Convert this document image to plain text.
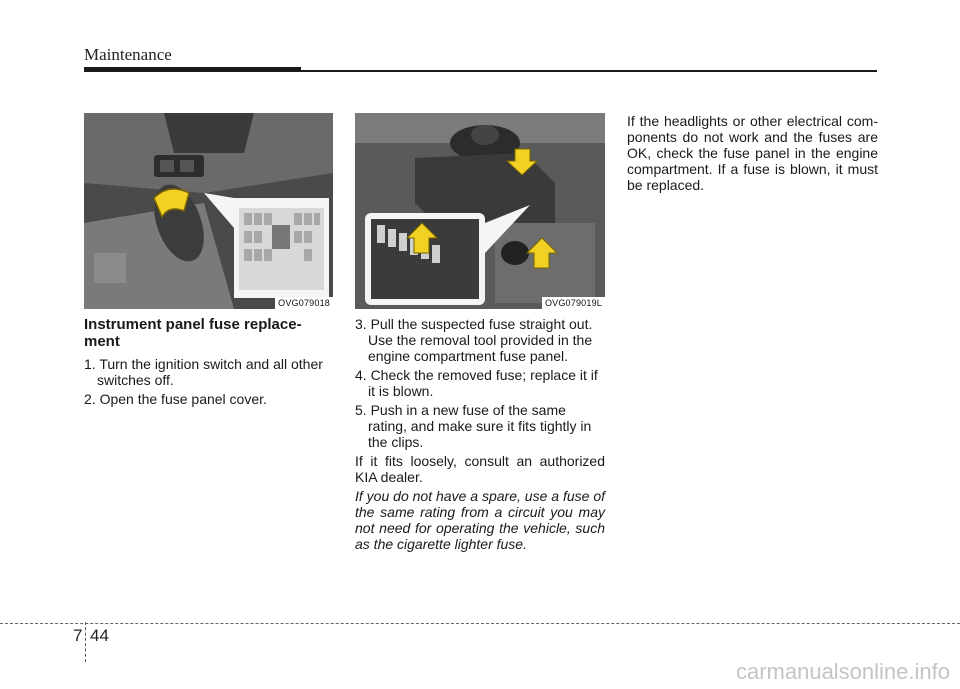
Maintenance
OVG079018	OVG079019L
Instrument panel fuse replace-ment
1. Turn the ignition switch and all other switches off.
2. Open the fuse panel cover.
3. Pull the suspected fuse straight out. Use the removal tool provided in the engine compartment fuse panel.
4. Check the removed fuse; replace it if it is blown.
5. Push in a new fuse of the same rating, and make sure it fits tightly in the clips.
If it fits loosely, consult an authorized KIA dealer.
If you do not have a spare, use a fuse of the same rating from a circuit you may not need for operating the vehicle, such as the cigarette lighter fuse.
If the headlights or other electrical com-ponents do not work and the fuses are OK, check the fuse panel in the engine compartment. If a fuse is blown, it must be replaced.
7 44
carmanualsonline.info
